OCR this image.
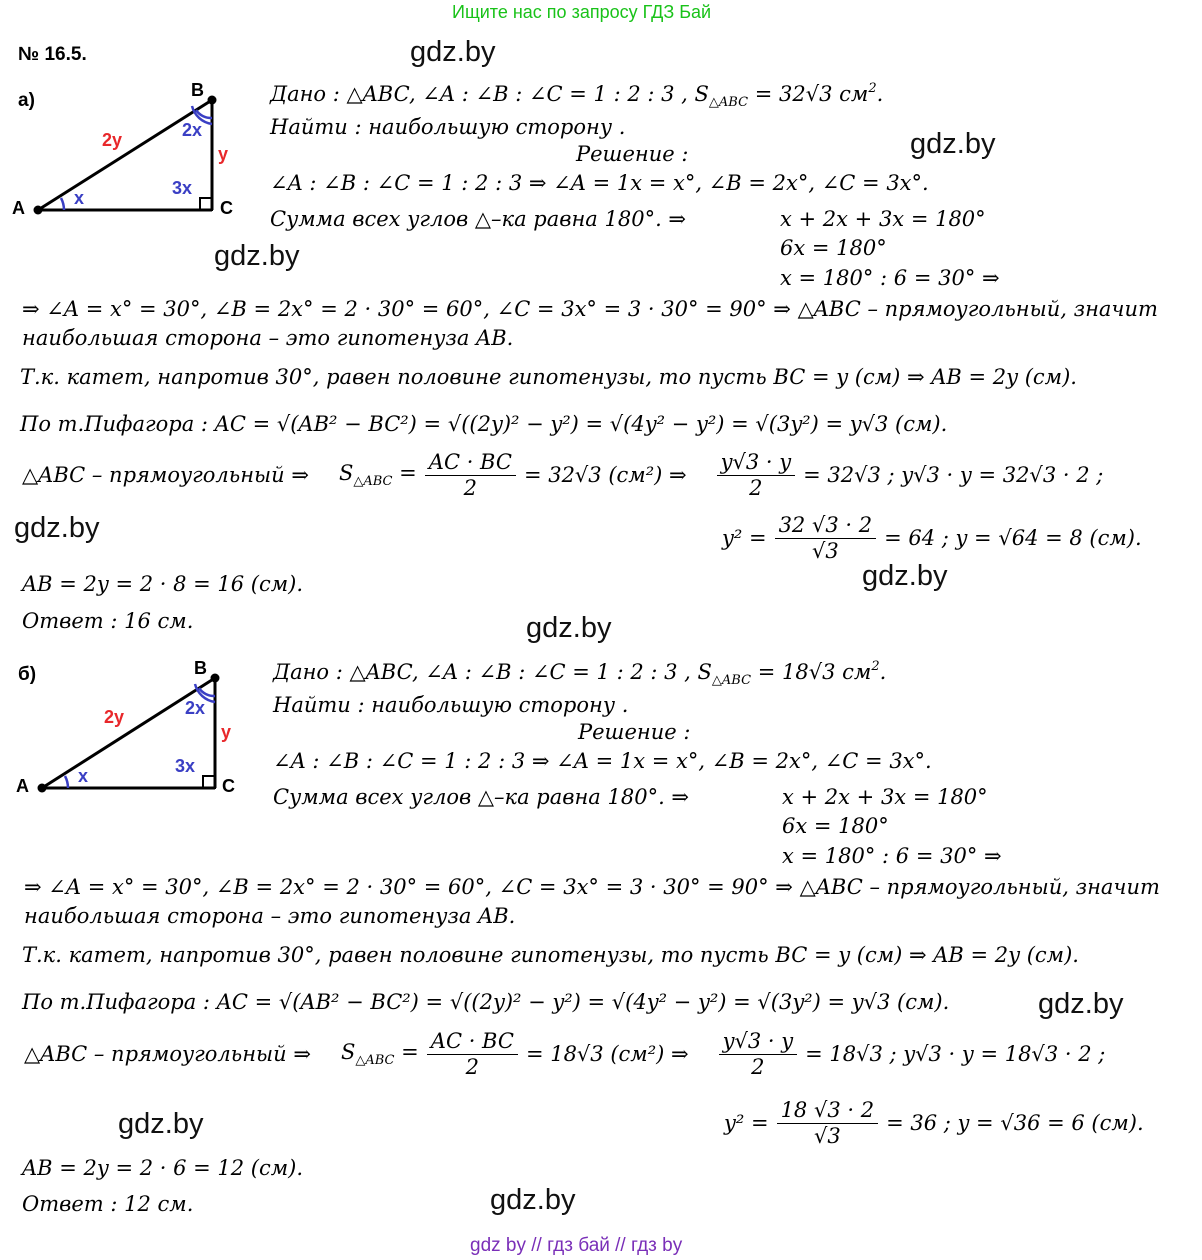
Ищите нас по запросу ГДЗ Бай
№ 16.5.	gdz.by
gdz.by
gdz.by
gdz.by
gdz.by
gdz.by
gdz.by
gdz.by
gdz.by
а)
A
B
C
2y
y
x
2x
3x
Дано : △ABC, ∠A : ∠B : ∠C = 1 : 2 : 3 , $S_{\triangle ABC} = 32√3$ $см^2$.
Найти : наибольшую сторону .
Решение :
∠A : ∠B : ∠C = 1 : 2 : 3 ⇒ ∠A = 1x = x°, ∠B = 2x°, ∠C = 3x°.
Сумма всех углов △–ка равна 180°. ⇒	x + 2x + 3x = 180°
6x = 180°
x = 180° : 6 = 30° ⇒
⇒ ∠A = x° = 30°, ∠B = 2x° = 2 · 30° = 60°, ∠C = 3x° = 3 · 30° = 90° ⇒ △ABC – прямоугольный, значит
наибольшая сторона – это гипотенуза AB.
Т.к. катет, напротив 30°, равен половине гипотенузы, то пусть BC = y (см) ⇒ AB = 2y (см).
По т.Пифагора : AC = √(AB² − BC²) = √((2y)² − y²) = √(4y² − y²) = √(3y²) = y√3 (см).
△ABC – прямоугольный ⇒ $S_{\triangle ABC} = \frac{AC \cdot BC}{2} = 32√3$ (см²) ⇒ $\frac{y√3 \cdot y}{2} = 32√3$ ; y√3 · y = 32√3 · 2 ;
$y^2 = \frac{32 √3 \cdot 2}{√3} = 64$ ; y = √64 = 8 (см).
AB = 2y = 2 · 8 = 16 (см).
Ответ : 16 см.
б)
A
B
C
2y
y
x
2x
3x
Дано : △ABC, ∠A : ∠B : ∠C = 1 : 2 : 3 , $S_{\triangle ABC} = 18√3$ $см^2$.
Найти : наибольшую сторону .
Решение :
∠A : ∠B : ∠C = 1 : 2 : 3 ⇒ ∠A = 1x = x°, ∠B = 2x°, ∠C = 3x°.
Сумма всех углов △–ка равна 180°. ⇒	x + 2x + 3x = 180°
6x = 180°
x = 180° : 6 = 30° ⇒
⇒ ∠A = x° = 30°, ∠B = 2x° = 2 · 30° = 60°, ∠C = 3x° = 3 · 30° = 90° ⇒ △ABC – прямоугольный, значит
наибольшая сторона – это гипотенуза AB.
Т.к. катет, напротив 30°, равен половине гипотенузы, то пусть BC = y (см) ⇒ AB = 2y (см).
По т.Пифагора : AC = √(AB² − BC²) = √((2y)² − y²) = √(4y² − y²) = √(3y²) = y√3 (см).
△ABC – прямоугольный ⇒ $S_{\triangle ABC} = \frac{AC \cdot BC}{2} = 18√3$ (см²) ⇒ $\frac{y√3 \cdot y}{2} = 18√3$ ; y√3 · y = 18√3 · 2 ;
$y^2 = \frac{18 √3 \cdot 2}{√3} = 36$ ; y = √36 = 6 (см).
AB = 2y = 2 · 6 = 12 (см).
Ответ : 12 см.
gdz by // гдз бай // гдз by
